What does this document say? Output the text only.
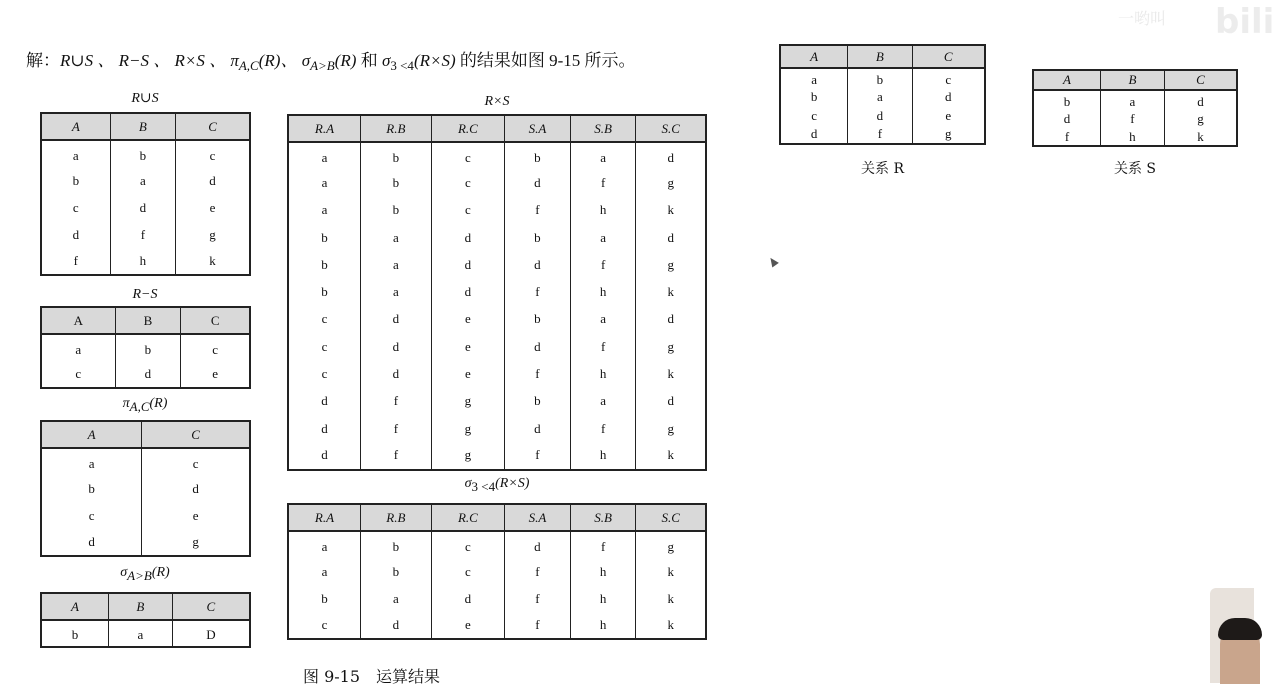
解：R∪S 、 R−S 、 R×S 、 $\pi_{A,C}(R)$、 $\sigma_{A>B}(R)$ 和 $\sigma_{3 <4}(R\times S)$ 的结果如图 9-15 所示。
一哟叫 bili
R∪S
A	B	C
a	b	c
b	a	d
c	d	e
d	f	g
f	h	k
R−S
A	B	C
a	b	c
c	d	e
$\pi_{A,C}(R)$
A	C
a	c
b	d
c	e
d	g
$\sigma_{A>B}(R)$
A	B	C
b	a	D
R×S
R.A	R.B	R.C	S.A	S.B	S.C
a	b	c	b	a	d
a	b	c	d	f	g
a	b	c	f	h	k
b	a	d	b	a	d
b	a	d	d	f	g
b	a	d	f	h	k
c	d	e	b	a	d
c	d	e	d	f	g
c	d	e	f	h	k
d	f	g	b	a	d
d	f	g	d	f	g
d	f	g	f	h	k
$\sigma_{3 <4}(R\times S)$
R.A	R.B	R.C	S.A	S.B	S.C
a	b	c	d	f	g
a	b	c	f	h	k
b	a	d	f	h	k
c	d	e	f	h	k
A	B	C
a	b	c
b	a	d
c	d	e
d	f	g
关系 R
A	B	C
b	a	d
d	f	g
f	h	k
关系 S
图 9-15　运算结果
